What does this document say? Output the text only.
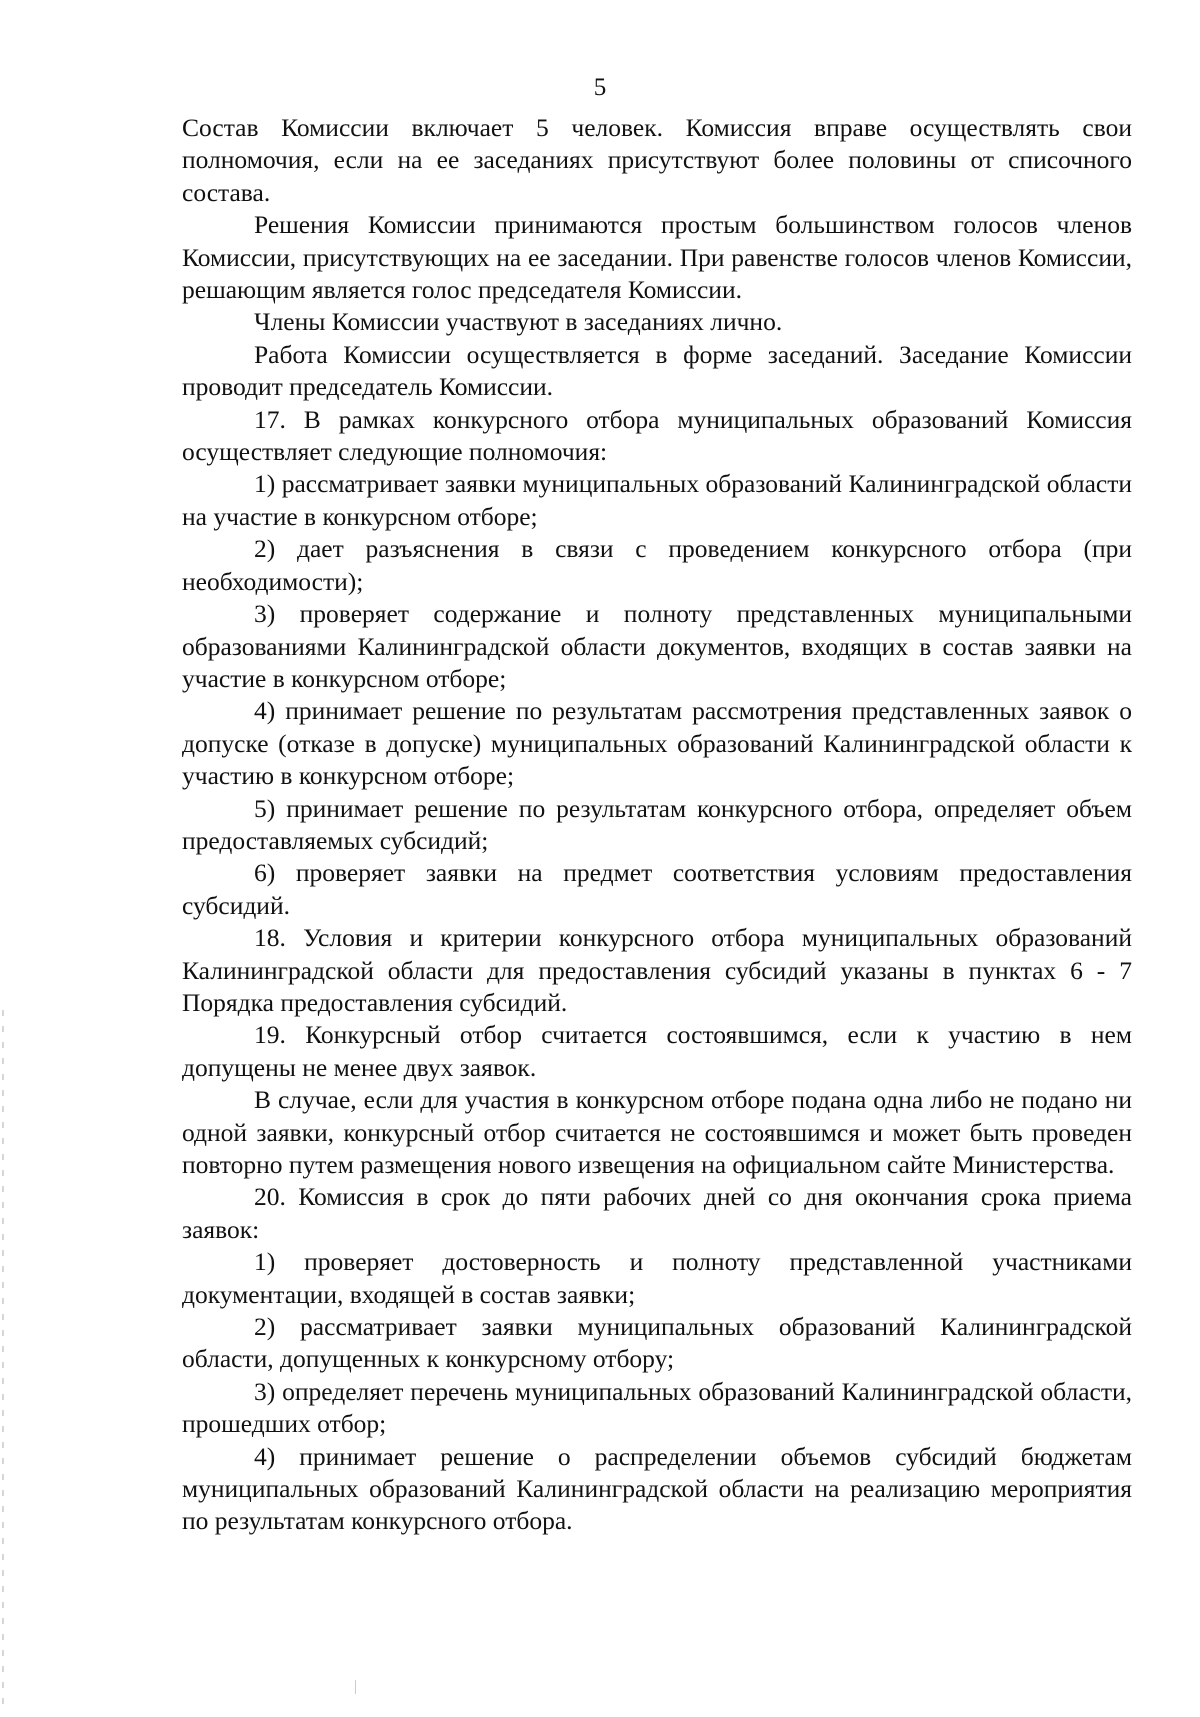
5

Состав Комиссии включает 5 человек. Комиссия вправе осуществлять свои полномочия, если на ее заседаниях присутствуют более половины от списочного состава.

Решения Комиссии принимаются простым большинством голосов членов Комиссии, присутствующих на ее заседании. При равенстве голосов членов Комиссии, решающим является голос председателя Комиссии.

Члены Комиссии участвуют в заседаниях лично.

Работа Комиссии осуществляется в форме заседаний. Заседание Комиссии проводит председатель Комиссии.

17. В рамках конкурсного отбора муниципальных образований Комиссия осуществляет следующие полномочия:

1) рассматривает заявки муниципальных образований Калининградской области на участие в конкурсном отборе;

2) дает разъяснения в связи с проведением конкурсного отбора (при необходимости);

3) проверяет содержание и полноту представленных муниципальными образованиями Калининградской области документов, входящих в состав заявки на участие в конкурсном отборе;

4) принимает решение по результатам рассмотрения представленных заявок о допуске (отказе в допуске) муниципальных образований Калининградской области к участию в конкурсном отборе;

5) принимает решение по результатам конкурсного отбора, определяет объем предоставляемых субсидий;

6) проверяет заявки на предмет соответствия условиям предоставления субсидий.

18. Условия и критерии конкурсного отбора муниципальных образований Калининградской области для предоставления субсидий указаны в пунктах 6 - 7 Порядка предоставления субсидий.

19. Конкурсный отбор считается состоявшимся, если к участию в нем допущены не менее двух заявок.

В случае, если для участия в конкурсном отборе подана одна либо не подано ни одной заявки, конкурсный отбор считается не состоявшимся и может быть проведен повторно путем размещения нового извещения на официальном сайте Министерства.

20. Комиссия в срок до пяти рабочих дней со дня окончания срока приема заявок:

1) проверяет достоверность и полноту представленной участниками документации, входящей в состав заявки;

2) рассматривает заявки муниципальных образований Калининградской области, допущенных к конкурсному отбору;

3) определяет перечень муниципальных образований Калининградской области, прошедших отбор;

4) принимает решение о распределении объемов субсидий бюджетам муниципальных образований Калининградской области на реализацию мероприятия по результатам конкурсного отбора.
